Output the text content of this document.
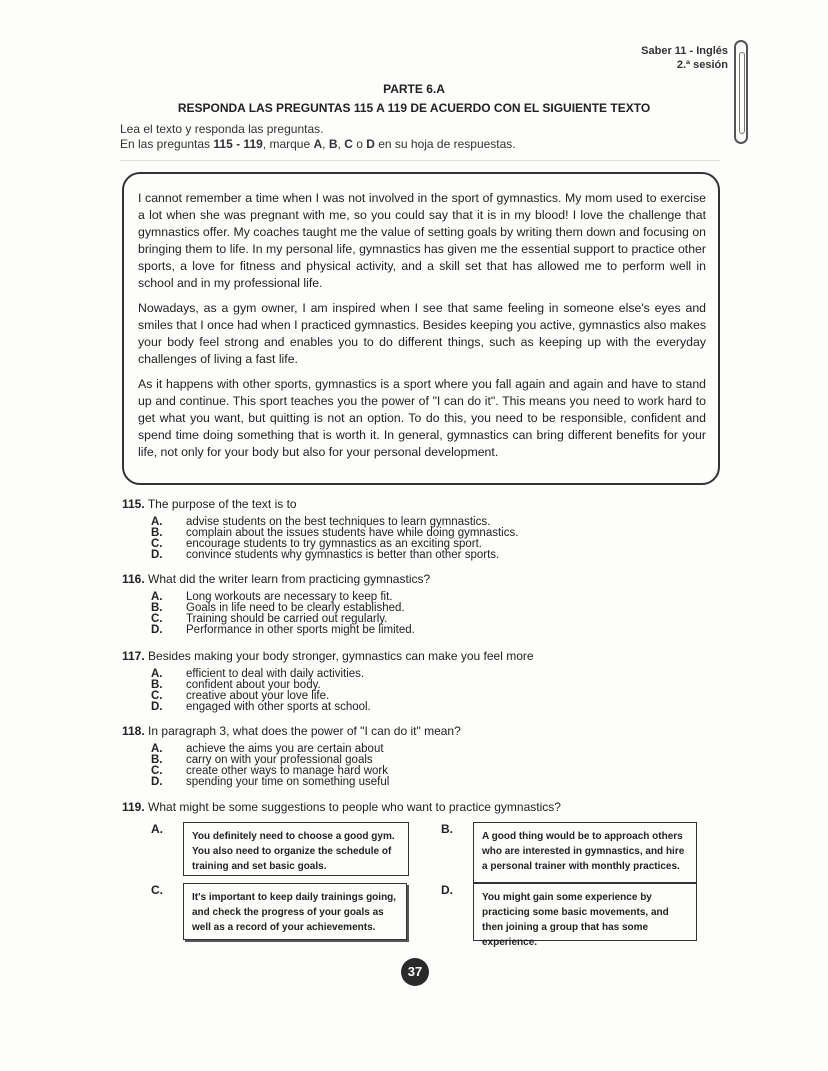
Saber 11 - Inglés
2.ª sesión
PARTE 6.A
RESPONDA LAS PREGUNTAS 115 A 119 DE ACUERDO CON EL SIGUIENTE TEXTO
Lea el texto y responda las preguntas.
En las preguntas 115 - 119, marque A, B, C o D en su hoja de respuestas.

I cannot remember a time when I was not involved in the sport of gymnastics. My mom used to exercise a lot when she was pregnant with me, so you could say that it is in my blood! I love the challenge that gymnastics offer. My coaches taught me the value of setting goals by writing them down and focusing on bringing them to life. In my personal life, gymnastics has given me the essential support to practice other sports, a love for fitness and physical activity, and a skill set that has allowed me to perform well in school and in my professional life.

Nowadays, as a gym owner, I am inspired when I see that same feeling in someone else's eyes and smiles that I once had when I practiced gymnastics. Besides keeping you active, gymnastics also makes your body feel strong and enables you to do different things, such as keeping up with the everyday challenges of living a fast life.

As it happens with other sports, gymnastics is a sport where you fall again and again and have to stand up and continue. This sport teaches you the power of "I can do it". This means you need to work hard to get what you want, but quitting is not an option. To do this, you need to be responsible, confident and spend time doing something that is worth it. In general, gymnastics can bring different benefits for your life, not only for your body but also for your personal development.

115. The purpose of the text is to
A. advise students on the best techniques to learn gymnastics.
B. complain about the issues students have while doing gymnastics.
C. encourage students to try gymnastics as an exciting sport.
D. convince students why gymnastics is better than other sports.
116. What did the writer learn from practicing gymnastics?
A. Long workouts are necessary to keep fit.
B. Goals in life need to be clearly established.
C. Training should be carried out regularly.
D. Performance in other sports might be limited.
117. Besides making your body stronger, gymnastics can make you feel more
A. efficient to deal with daily activities.
B. confident about your body.
C. creative about your love life.
D. engaged with other sports at school.
118. In paragraph 3, what does the power of "I can do it" mean?
A. achieve the aims you are certain about
B. carry on with your professional goals
C. create other ways to manage hard work
D. spending your time on something useful
119. What might be some suggestions to people who want to practice gymnastics?
A.
You definitely need to choose a good gym. You also need to organize the schedule of training and set basic goals.
B.
A good thing would be to approach others who are interested in gymnastics, and hire a personal trainer with monthly practices.
C.
It's important to keep daily trainings going, and check the progress of your goals as well as a record of your achievements.
D.
You might gain some experience by practicing some basic movements, and then joining a group that has some experience.
37
